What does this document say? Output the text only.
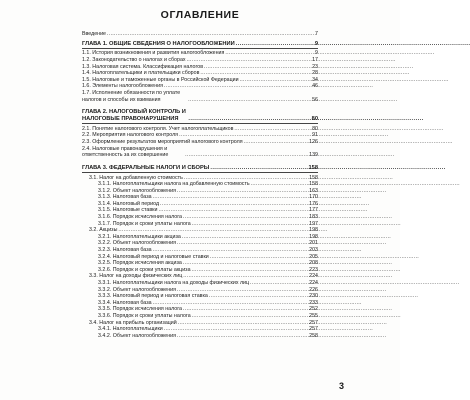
ОГЛАВЛЕНИЕ
Введение . . .	7
ГЛАВА 1. ОБЩИЕ СВЕДЕНИЯ О НАЛОГООБЛОЖЕНИИ . . .	9
1.1. История возникновения и развития налогообложения . . .	9
1.2. Законодательство о налогах и сборах . . .	17
1.3. Налоговая система. Классификация налогов . . .	23
1.4. Налогоплательщики и плательщики сборов . . .	28
1.5. Налоговые и таможенные органы в Российской Федерации . . .	34
1.6. Элементы налогообложения . . .	46
1.7. Исполнение обязанности по уплате налогов и способы их взимания . . .	56
ГЛАВА 2. НАЛОГОВЫЙ КОНТРОЛЬ И НАЛОГОВЫЕ ПРАВОНАРУШЕНИЯ . . .	80
2.1. Понятие налогового контроля. Учет налогоплательщиков . . .	80
2.2. Мероприятия налогового контроля . . .	91
2.3. Оформление результатов мероприятий налогового контроля . . .	126
2.4. Налоговые правонарушения и ответственность за их совершение . . .	139
ГЛАВА 3. ФЕДЕРАЛЬНЫЕ НАЛОГИ И СБОРЫ . . .	158
3.1. Налог на добавленную стоимость . . .	158
3.1.1. Налогоплательщики налога на добавленную стоимость . . .	158
3.1.2. Объект налогообложения . . .	163
3.1.3. Налоговая база . . .	170
3.1.4. Налоговый период . . .	176
3.1.5. Налоговые ставки . . .	177
3.1.6. Порядок исчисления налога . . .	183
3.1.7. Порядок и сроки уплаты налога . . .	197
3.2. Акцизы . . .	198
3.2.1. Налогоплательщики акциза . . .	198
3.2.2. Объект налогообложения . . .	201
3.2.3. Налоговая база . . .	203
3.2.4. Налоговый период и налоговые ставки . . .	205
3.2.5. Порядок исчисления акциза . . .	208
3.2.6. Порядок и сроки уплаты акциза . . .	223
3.3. Налог на доходы физических лиц . . .	224
3.3.1. Налогоплательщики налога на доходы физических лиц . . .	224
3.3.2. Объект налогообложения . . .	226
3.3.3. Налоговый период и налоговая ставка . . .	230
3.3.4. Налоговая база . . .	233
3.3.5. Порядок исчисления налога . . .	252
3.3.6. Порядок и сроки уплаты налога . . .	255
3.4. Налог на прибыль организаций . . .	257
3.4.1. Налогоплательщики . . .	257
3.4.2. Объект налогообложения . . .	258
3
